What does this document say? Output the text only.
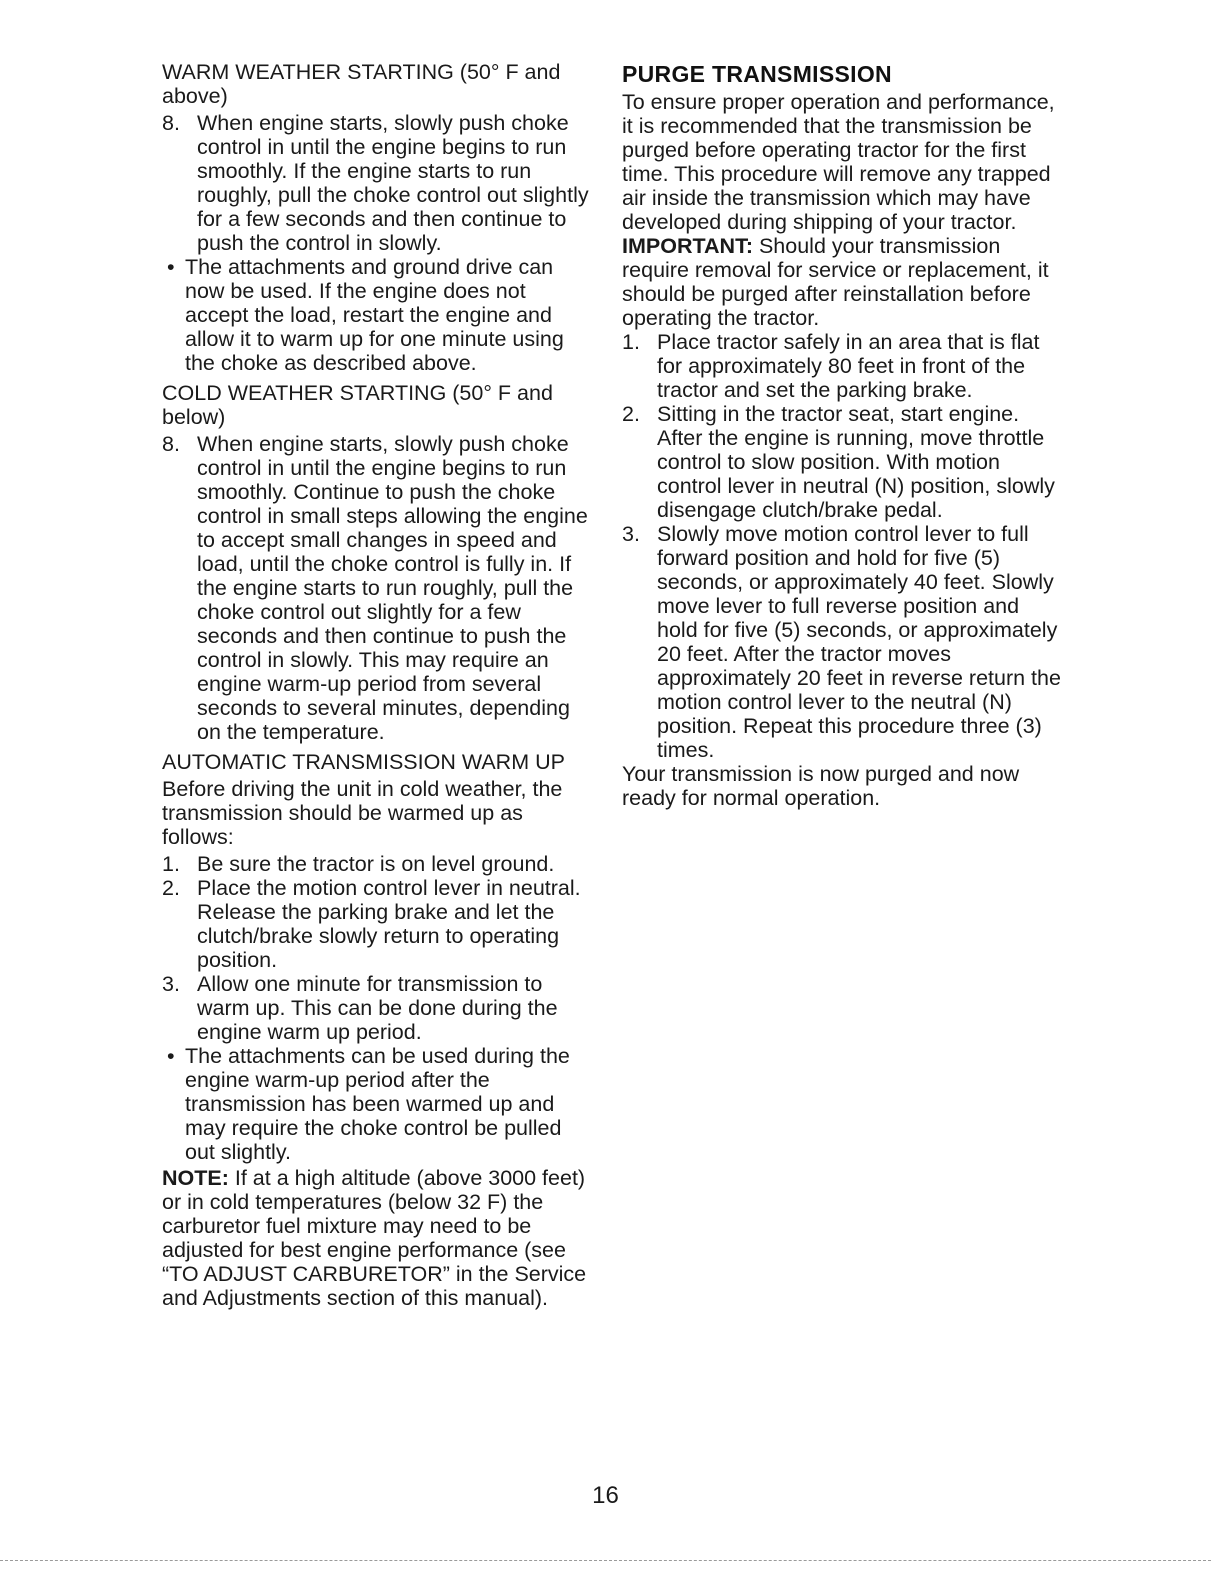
WARM WEATHER STARTING (50° F and above)

8. When engine starts, slowly push choke control in until the engine begins to run smoothly. If the engine starts to run roughly, pull the choke control out slightly for a few seconds and then continue to push the control in slowly.
• The attachments and ground drive can now be used. If the engine does not accept the load, restart the engine and allow it to warm up for one minute using the choke as described above.

COLD WEATHER STARTING (50° F and below)

8. When engine starts, slowly push choke control in until the engine begins to run smoothly. Continue to push the choke control in small steps allowing the engine to accept small changes in speed and load, until the choke control is fully in. If the engine starts to run roughly, pull the choke control out slightly for a few seconds and then continue to push the control in slowly. This may require an engine warm-up period from several seconds to several minutes, depending on the temperature.

AUTOMATIC TRANSMISSION WARM UP

Before driving the unit in cold weather, the transmission should be warmed up as follows:

1. Be sure the tractor is on level ground.
2. Place the motion control lever in neutral. Release the parking brake and let the clutch/brake slowly return to operating position.
3. Allow one minute for transmission to warm up. This can be done during the engine warm up period.
• The attachments can be used during the engine warm-up period after the transmission has been warmed up and may require the choke control be pulled out slightly.

NOTE: If at a high altitude (above 3000 feet) or in cold temperatures (below 32 F) the carburetor fuel mixture may need to be adjusted for best engine performance (see “TO ADJUST CARBURETOR” in the Service and Adjustments section of this manual).

PURGE TRANSMISSION

To ensure proper operation and performance, it is recommended that the transmission be purged before operating tractor for the first time. This procedure will remove any trapped air inside the transmission which may have developed during shipping of your tractor.

IMPORTANT: Should your transmission require removal for service or replacement, it should be purged after reinstallation before operating the tractor.

1. Place tractor safely in an area that is flat for approximately 80 feet in front of the tractor and set the parking brake.
2. Sitting in the tractor seat, start engine. After the engine is running, move throttle control to slow position. With motion control lever in neutral (N) position, slowly disengage clutch/brake pedal.
3. Slowly move motion control lever to full forward position and hold for five (5) seconds, or approximately 40 feet. Slowly move lever to full reverse position and hold for five (5) seconds, or approximately 20 feet. After the tractor moves approximately 20 feet in reverse return the motion control lever to the neutral (N) position. Repeat this procedure three (3) times.

Your transmission is now purged and now ready for normal operation.

16
